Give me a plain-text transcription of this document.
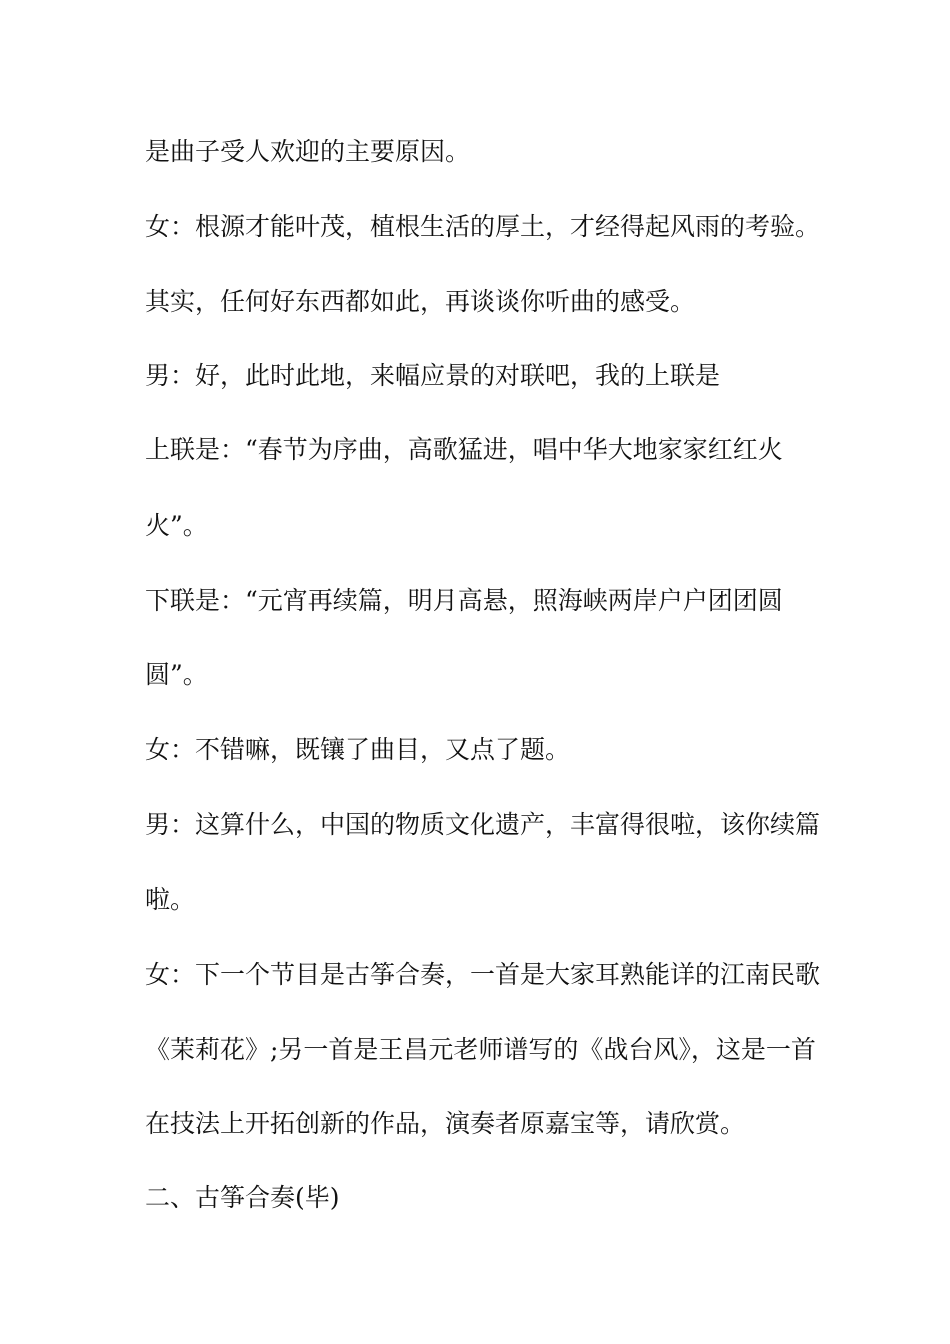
是曲子受人欢迎的主要原因。
女：根源才能叶茂，植根生活的厚土，才经得起风雨的考验。
其实，任何好东西都如此，再谈谈你听曲的感受。
男：好，此时此地，来幅应景的对联吧，我的上联是
上联是：“春节为序曲，高歌猛进，唱中华大地家家红红火
火”。
下联是：“元宵再续篇，明月高悬，照海峡两岸户户团团圆
圆”。
女：不错嘛，既镶了曲目，又点了题。
男：这算什么，中国的物质文化遗产，丰富得很啦，该你续篇
啦。
女：下一个节目是古筝合奏，一首是大家耳熟能详的江南民歌
《茉莉花》;另一首是王昌元老师谱写的《战台风》，这是一首
在技法上开拓创新的作品，演奏者原嘉宝等，请欣赏。
二、古筝合奏(毕)
